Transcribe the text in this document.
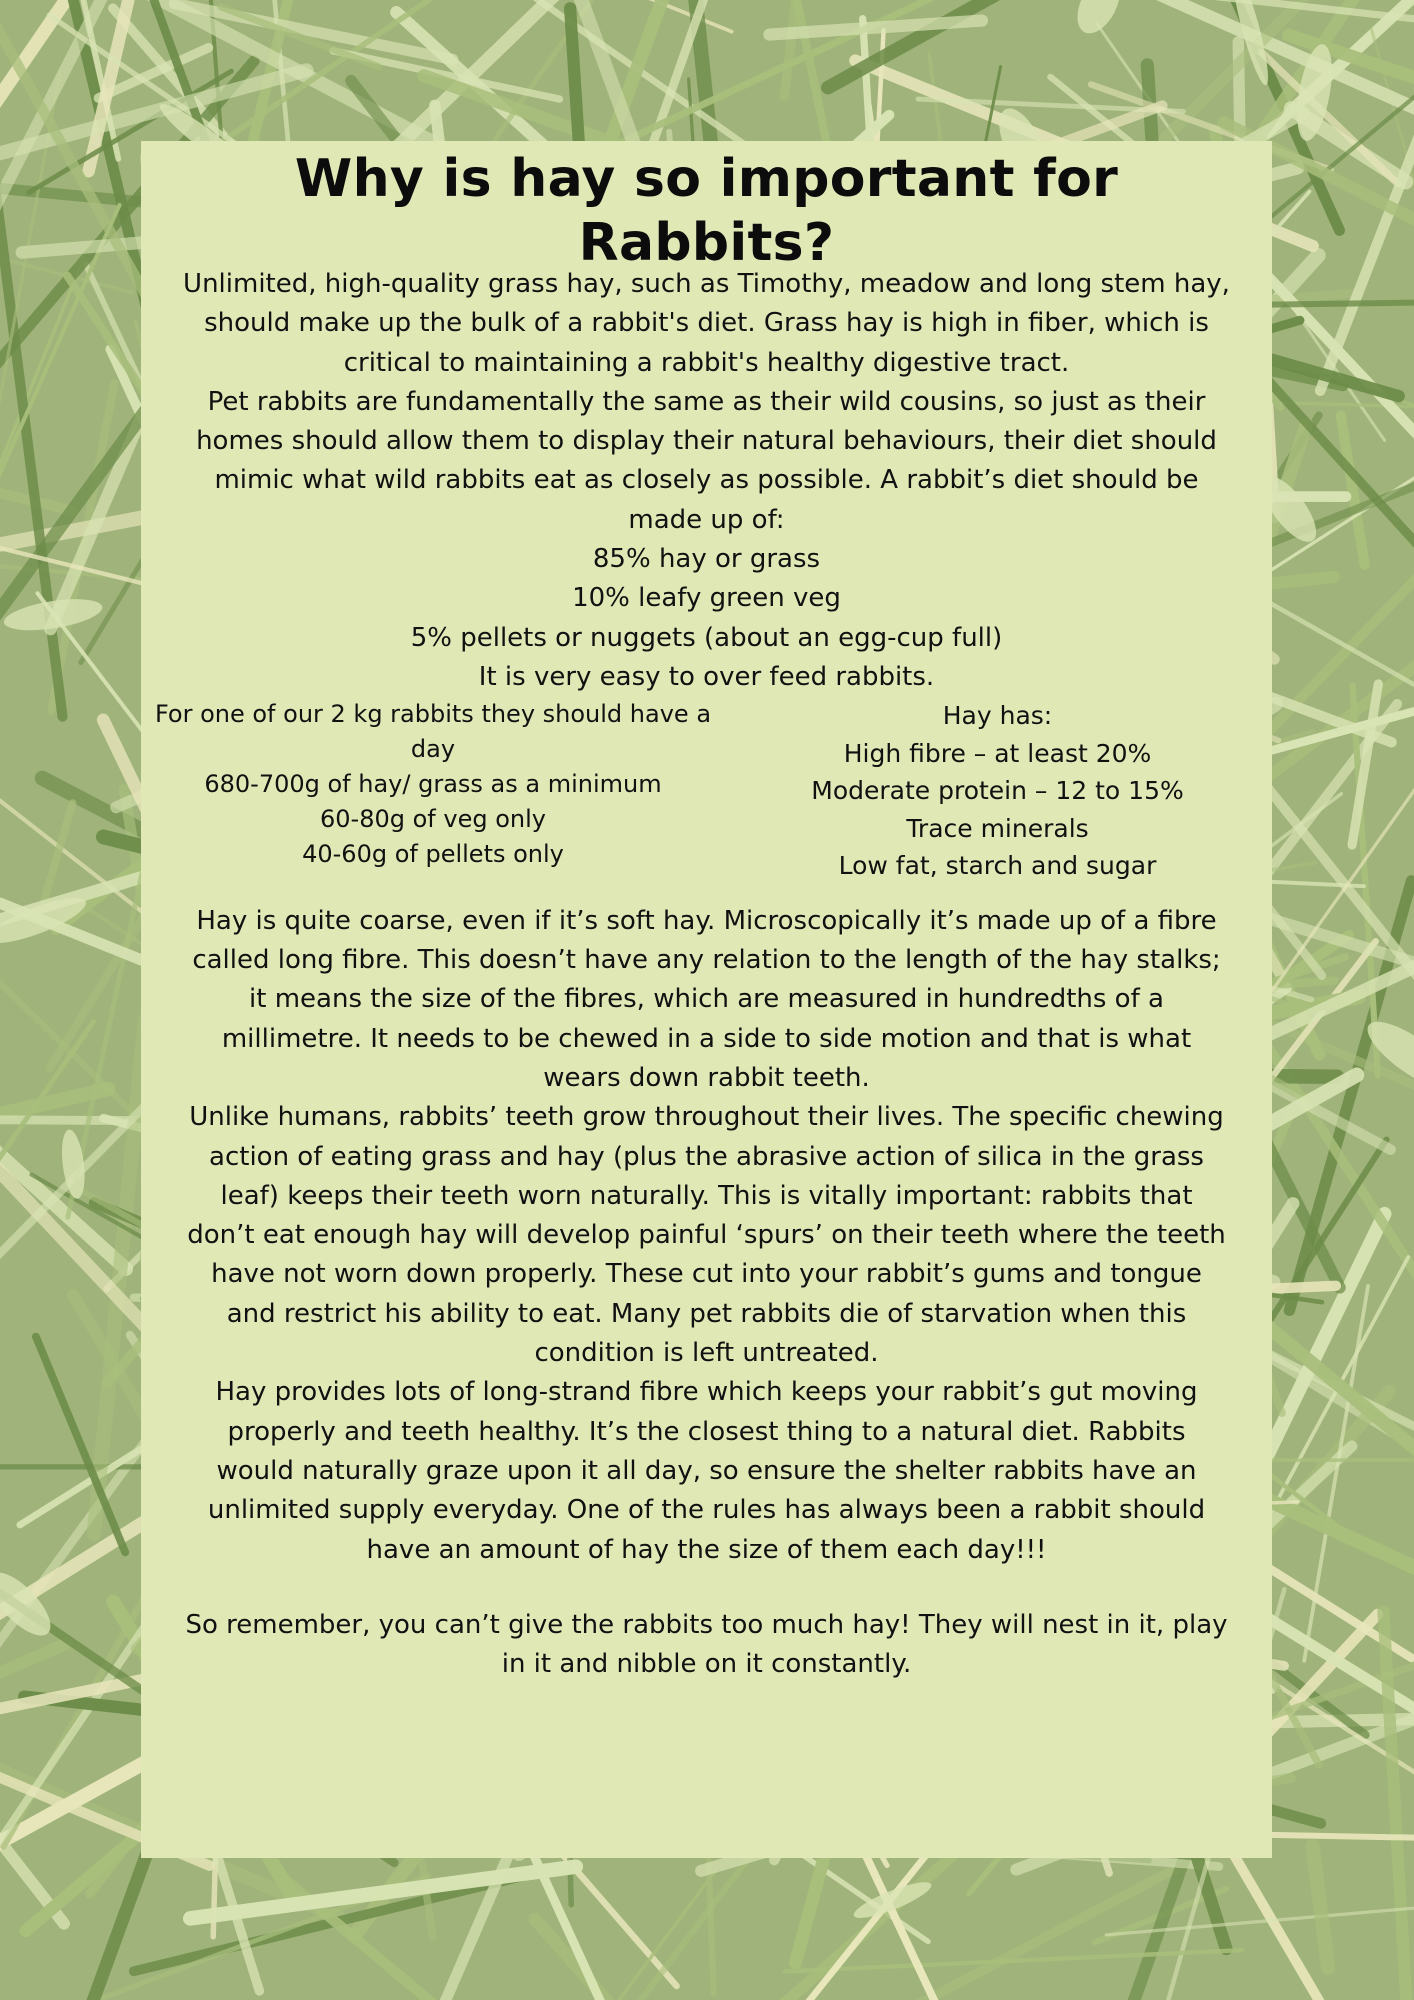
Why is hay so important for Rabbits?
Unlimited, high-quality grass hay, such as Timothy, meadow and long stem hay,
should make up the bulk of a rabbit's diet. Grass hay is high in fiber, which is
critical to maintaining a rabbit's healthy digestive tract.
Pet rabbits are fundamentally the same as their wild cousins, so just as their
homes should allow them to display their natural behaviours, their diet should
mimic what wild rabbits eat as closely as possible. A rabbit’s diet should be
made up of:
85% hay or grass
10% leafy green veg
5% pellets or nuggets (about an egg-cup full)
It is very easy to over feed rabbits.
For one of our 2 kg rabbits they should have a day
680-700g of hay/ grass as a minimum
60-80g of veg only
40-60g of pellets only
Hay has:
High fibre – at least 20%
Moderate protein – 12 to 15%
Trace minerals
Low fat, starch and sugar
Hay is quite coarse, even if it’s soft hay. Microscopically it’s made up of a fibre
called long fibre. This doesn’t have any relation to the length of the hay stalks;
it means the size of the fibres, which are measured in hundredths of a
millimetre. It needs to be chewed in a side to side motion and that is what
wears down rabbit teeth.
Unlike humans, rabbits’ teeth grow throughout their lives. The specific chewing
action of eating grass and hay (plus the abrasive action of silica in the grass
leaf) keeps their teeth worn naturally. This is vitally important: rabbits that
don’t eat enough hay will develop painful ‘spurs’ on their teeth where the teeth
have not worn down properly. These cut into your rabbit’s gums and tongue
and restrict his ability to eat. Many pet rabbits die of starvation when this
condition is left untreated.
Hay provides lots of long-strand fibre which keeps your rabbit’s gut moving
properly and teeth healthy. It’s the closest thing to a natural diet. Rabbits
would naturally graze upon it all day, so ensure the shelter rabbits have an
unlimited supply everyday. One of the rules has always been a rabbit should
have an amount of hay the size of them each day!!!
So remember, you can’t give the rabbits too much hay! They will nest in it, play
in it and nibble on it constantly.
